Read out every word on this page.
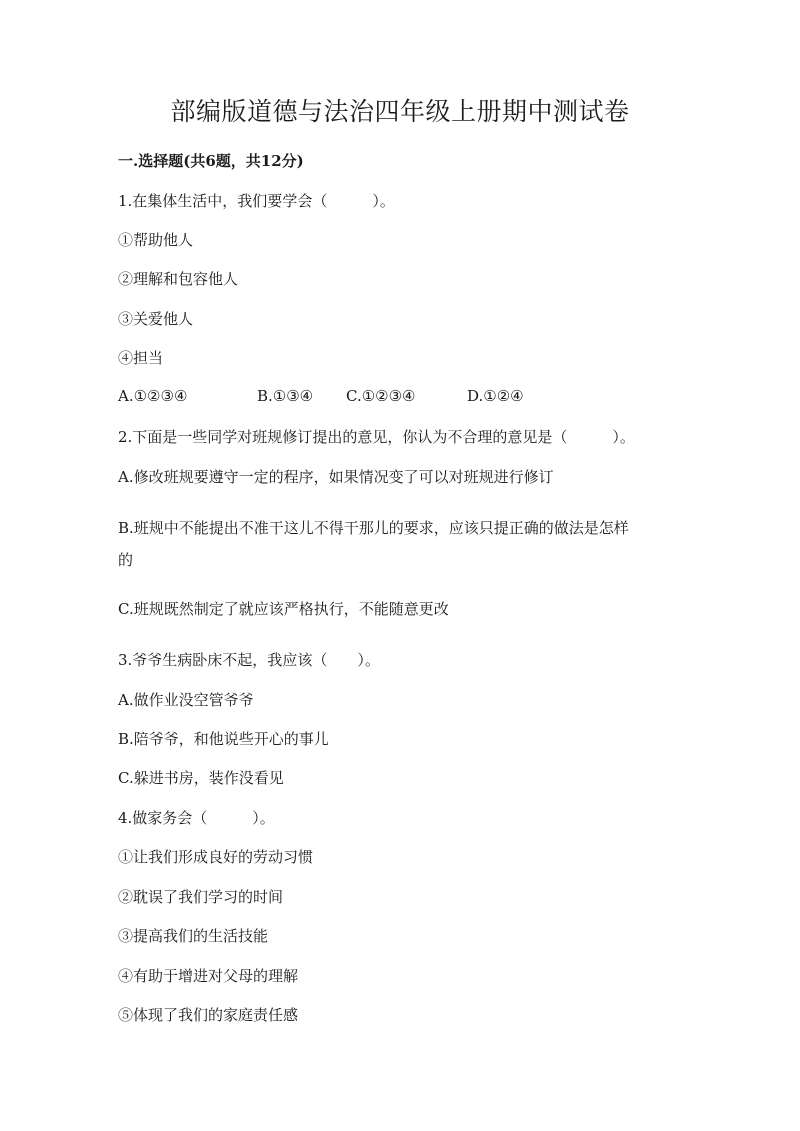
部编版道德与法治四年级上册期中测试卷
一.选择题(共6题，共12分)
1.在集体生活中，我们要学会（　　　）。
①帮助他人
②理解和包容他人
③关爱他人
④担当
A.①②③④	B.①③④ C.①②③④	D.①②④
2.下面是一些同学对班规修订提出的意见，你认为不合理的意见是（　　　）。
A.修改班规要遵守一定的程序，如果情况变了可以对班规进行修订
B.班规中不能提出不准干这儿不得干那儿的要求，应该只提正确的做法是怎样
的
C.班规既然制定了就应该严格执行，不能随意更改
3.爷爷生病卧床不起，我应该（　　）。
A.做作业没空管爷爷
B.陪爷爷，和他说些开心的事儿
C.躲进书房，装作没看见
4.做家务会（　　　）。
①让我们形成良好的劳动习惯
②耽误了我们学习的时间
③提高我们的生活技能
④有助于增进对父母的理解
⑤体现了我们的家庭责任感
